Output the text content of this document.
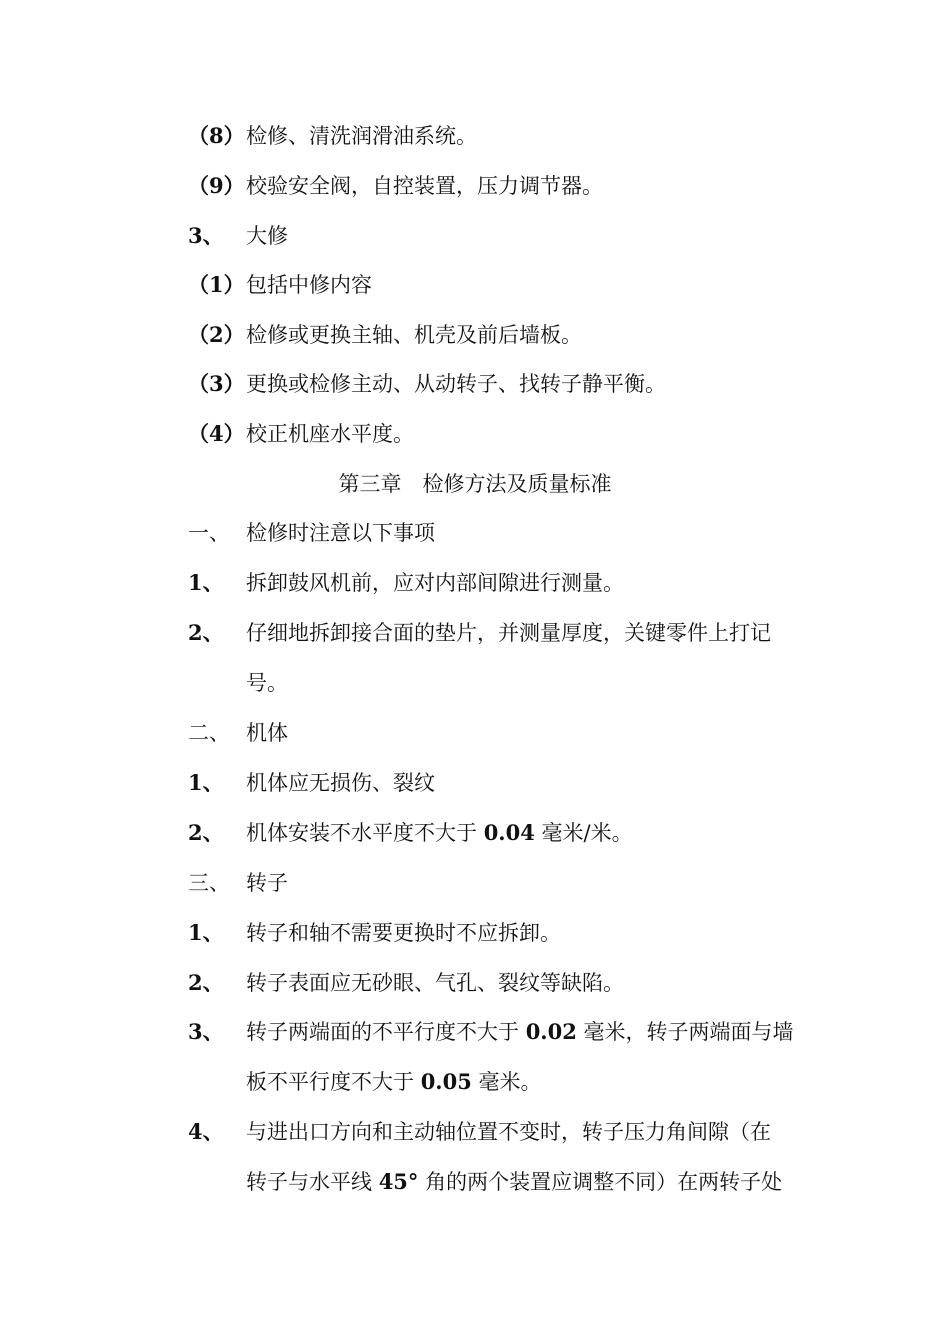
（8） 检修、清洗润滑油系统。
（9） 校验安全阀，自控装置，压力调节器。
3、 大修
（1） 包括中修内容
（2） 检修或更换主轴、机壳及前后墙板。
（3） 更换或检修主动、从动转子、找转子静平衡。
（4） 校正机座水平度。
第三章　检修方法及质量标准
一、 检修时注意以下事项
1、 拆卸鼓风机前，应对内部间隙进行测量。
2、 仔细地拆卸接合面的垫片，并测量厚度，关键零件上打记
号。
二、 机体
1、 机体应无损伤、裂纹
2、 机体安装不水平度不大于 0.04 毫米/米。
三、 转子
1、 转子和轴不需要更换时不应拆卸。
2、 转子表面应无砂眼、气孔、裂纹等缺陷。
3、 转子两端面的不平行度不大于 0.02 毫米，转子两端面与墙
板不平行度不大于 0.05 毫米。
4、 与进出口方向和主动轴位置不变时，转子压力角间隙（在
转子与水平线 45° 角的两个装置应调整不同）在两转子处
